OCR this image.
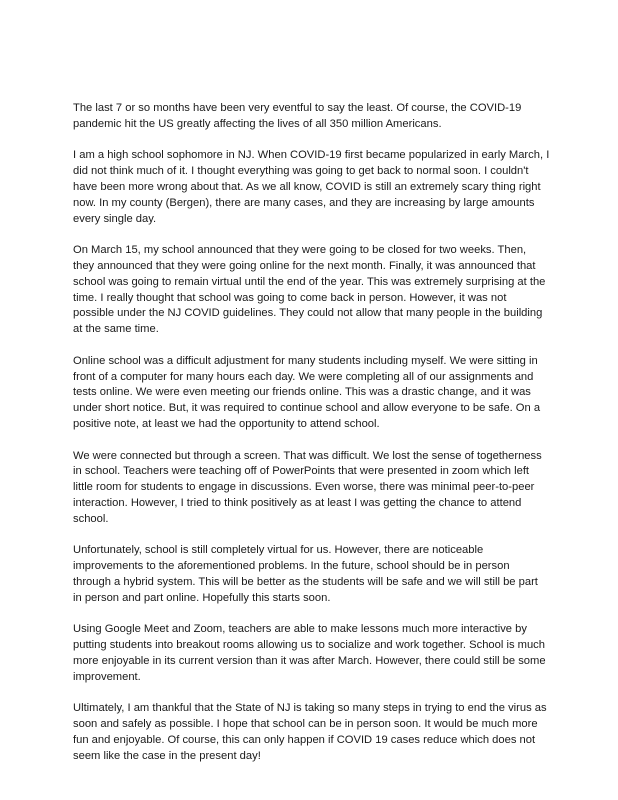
The last 7 or so months have been very eventful to say the least. Of course, the COVID-19
pandemic hit the US greatly affecting the lives of all 350 million Americans.

I am a high school sophomore in NJ. When COVID-19 first became popularized in early March, I
did not think much of it. I thought everything was going to get back to normal soon. I couldn't
have been more wrong about that. As we all know, COVID is still an extremely scary thing right
now. In my county (Bergen), there are many cases, and they are increasing by large amounts
every single day.

On March 15, my school announced that they were going to be closed for two weeks. Then,
they announced that they were going online for the next month. Finally, it was announced that
school was going to remain virtual until the end of the year. This was extremely surprising at the
time. I really thought that school was going to come back in person. However, it was not
possible under the NJ COVID guidelines. They could not allow that many people in the building
at the same time.

Online school was a difficult adjustment for many students including myself. We were sitting in
front of a computer for many hours each day. We were completing all of our assignments and
tests online. We were even meeting our friends online. This was a drastic change, and it was
under short notice. But, it was required to continue school and allow everyone to be safe. On a
positive note, at least we had the opportunity to attend school.

We were connected but through a screen. That was difficult. We lost the sense of togetherness
in school. Teachers were teaching off of PowerPoints that were presented in zoom which left
little room for students to engage in discussions. Even worse, there was minimal peer-to-peer
interaction. However, I tried to think positively as at least I was getting the chance to attend
school.

Unfortunately, school is still completely virtual for us. However, there are noticeable
improvements to the aforementioned problems. In the future, school should be in person
through a hybrid system. This will be better as the students will be safe and we will still be part
in person and part online. Hopefully this starts soon.

Using Google Meet and Zoom, teachers are able to make lessons much more interactive by
putting students into breakout rooms allowing us to socialize and work together. School is much
more enjoyable in its current version than it was after March. However, there could still be some
improvement.

Ultimately, I am thankful that the State of NJ is taking so many steps in trying to end the virus as
soon and safely as possible. I hope that school can be in person soon. It would be much more
fun and enjoyable. Of course, this can only happen if COVID 19 cases reduce which does not
seem like the case in the present day!
